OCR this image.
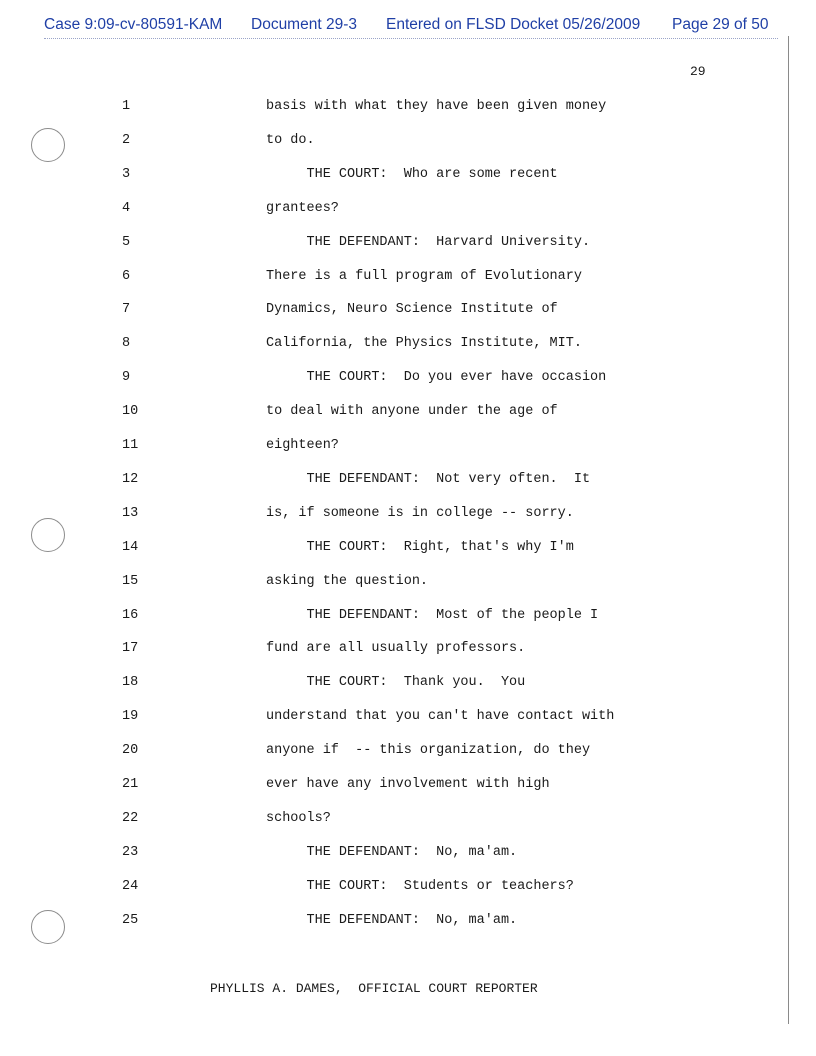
Case 9:09-cv-80591-KAM Document 29-3 Entered on FLSD Docket 05/26/2009 Page 29 of 50
29
1	basis with what they have been given money
2	to do.
3	THE COURT:  Who are some recent
4	grantees?
5	THE DEFENDANT:  Harvard University.
6	There is a full program of Evolutionary
7	Dynamics, Neuro Science Institute of
8	California, the Physics Institute, MIT.
9	THE COURT:  Do you ever have occasion
10	to deal with anyone under the age of
11	eighteen?
12	THE DEFENDANT:  Not very often.  It
13	is, if someone is in college -- sorry.
14	THE COURT:  Right, that's why I'm
15	asking the question.
16	THE DEFENDANT:  Most of the people I
17	fund are all usually professors.
18	THE COURT:  Thank you.  You
19	understand that you can't have contact with
20	anyone if  -- this organization, do they
21	ever have any involvement with high
22	schools?
23	THE DEFENDANT:  No, ma'am.
24	THE COURT:  Students or teachers?
25	THE DEFENDANT:  No, ma'am.
PHYLLIS A. DAMES,  OFFICIAL COURT REPORTER
